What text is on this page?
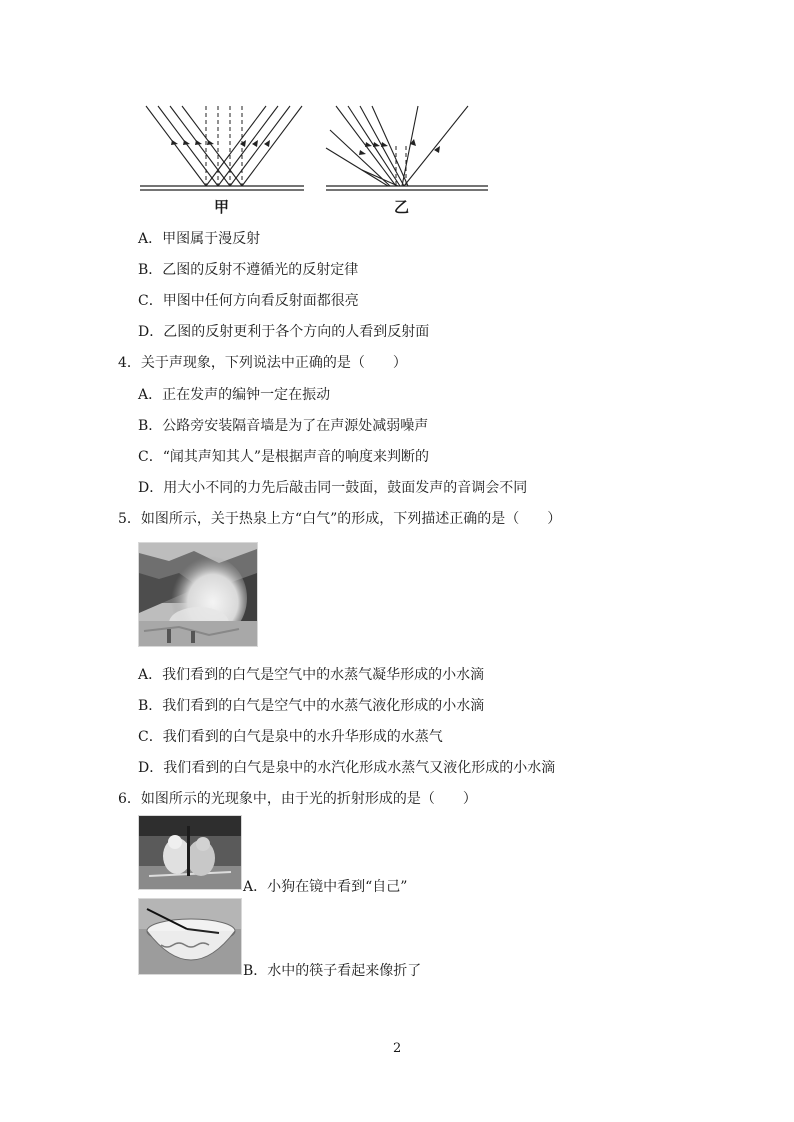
甲	乙
A．甲图属于漫反射
B．乙图的反射不遵循光的反射定律
C．甲图中任何方向看反射面都很亮
D．乙图的反射更利于各个方向的人看到反射面
4．关于声现象，下列说法中正确的是（　　）
A．正在发声的编钟一定在振动
B．公路旁安装隔音墙是为了在声源处减弱噪声
C．“闻其声知其人”是根据声音的响度来判断的
D．用大小不同的力先后敲击同一鼓面，鼓面发声的音调会不同
5．如图所示，关于热泉上方“白气”的形成，下列描述正确的是（　　）
A．我们看到的白气是空气中的水蒸气凝华形成的小水滴
B．我们看到的白气是空气中的水蒸气液化形成的小水滴
C．我们看到的白气是泉中的水升华形成的水蒸气
D．我们看到的白气是泉中的水汽化形成水蒸气又液化形成的小水滴
6．如图所示的光现象中，由于光的折射形成的是（　　）
A．小狗在镜中看到“自己”
B．水中的筷子看起来像折了
2
